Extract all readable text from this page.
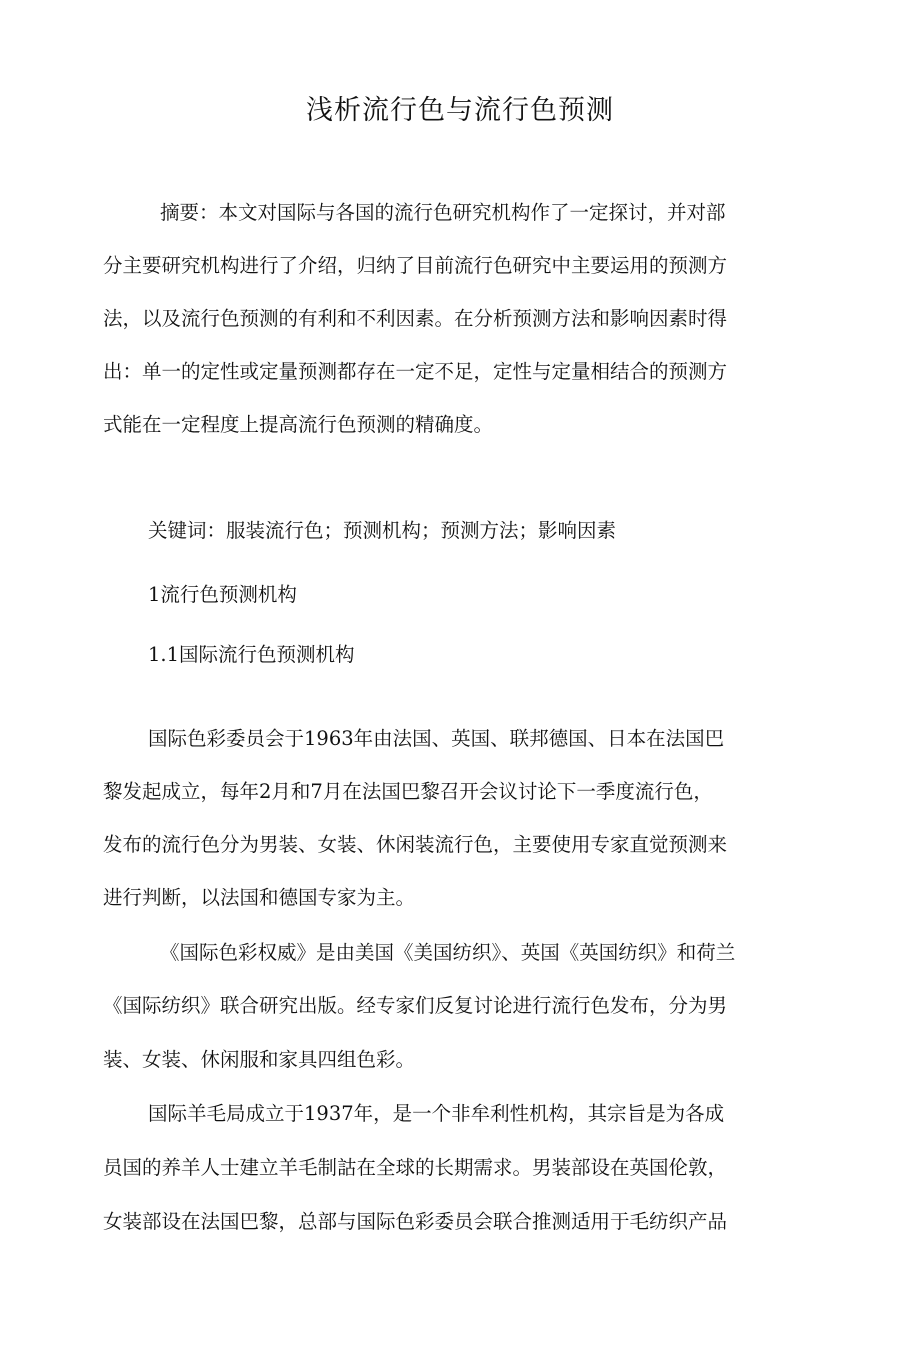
浅析流行色与流行色预测
摘要：本文对国际与各国的流行色研究机构作了一定探讨，并对部
分主要研究机构进行了介绍，归纳了目前流行色研究中主要运用的预测方
法，以及流行色预测的有利和不利因素。在分析预测方法和影响因素时得
出：单一的定性或定量预测都存在一定不足，定性与定量相结合的预测方
式能在一定程度上提高流行色预测的精确度。
关键词：服装流行色；预测机构；预测方法；影响因素
1流行色预测机构
1.1国际流行色预测机构
国际色彩委员会于1963年由法国、英国、联邦德国、日本在法国巴
黎发起成立，每年2月和7月在法国巴黎召开会议讨论下一季度流行色，
发布的流行色分为男装、女装、休闲装流行色，主要使用专家直觉预测来
进行判断，以法国和德国专家为主。
《国际色彩权威》是由美国《美国纺织》、英国《英国纺织》和荷兰
《国际纺织》联合研究出版。经专家们反复讨论进行流行色发布，分为男
装、女装、休闲服和家具四组色彩。
国际羊毛局成立于1937年，是一个非牟利性机构，其宗旨是为各成
员国的养羊人士建立羊毛制詁在全球的长期需求。男装部设在英国伦敦，
女装部设在法国巴黎，总部与国际色彩委员会联合推测适用于毛纺织产品
